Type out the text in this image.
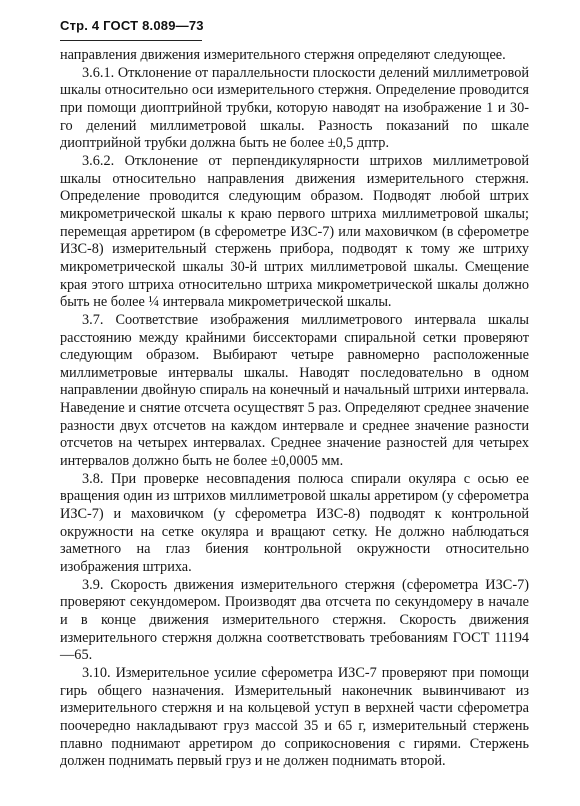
Стр. 4 ГОСТ 8.089—73

направления движения измерительного стержня определяют следующее.

3.6.1. Отклонение от параллельности плоскости делений миллиметровой шкалы относительно оси измерительного стержня. Определение проводится при помощи диоптрийной трубки, которую наводят на изображение 1 и 30-го делений миллиметровой шкалы. Разность показаний по шкале диоптрийной трубки должна быть не более ±0,5 дптр.

3.6.2. Отклонение от перпендикулярности штрихов миллиметровой шкалы относительно направления движения измерительного стержня. Определение проводится следующим образом. Подводят любой штрих микрометрической шкалы к краю первого штриха миллиметровой шкалы; перемещая арретиром (в сферометре ИЗС-7) или маховичком (в сферометре ИЗС-8) измерительный стержень прибора, подводят к тому же штриху микрометрической шкалы 30-й штрих миллиметровой шкалы. Смещение края этого штриха относительно штриха микрометрической шкалы должно быть не более ¼ интервала микрометрической шкалы.

3.7. Соответствие изображения миллиметрового интервала шкалы расстоянию между крайними биссекторами спиральной сетки проверяют следующим образом. Выбирают четыре равномерно расположенные миллиметровые интервалы шкалы. Наводят последовательно в одном направлении двойную спираль на конечный и начальный штрихи интервала. Наведение и снятие отсчета осуществят 5 раз. Определяют среднее значение разности двух отсчетов на каждом интервале и среднее значение разности отсчетов на четырех интервалах. Среднее значение разностей для четырех интервалов должно быть не более ±0,0005 мм.

3.8. При проверке несовпадения полюса спирали окуляра с осью ее вращения один из штрихов миллиметровой шкалы арретиром (у сферометра ИЗС-7) и маховичком (у сферометра ИЗС-8) подводят к контрольной окружности на сетке окуляра и вращают сетку. Не должно наблюдаться заметного на глаз биения контрольной окружности относительно изображения штриха.

3.9. Скорость движения измерительного стержня (сферометра ИЗС-7) проверяют секундомером. Производят два отсчета по секундомеру в начале и в конце движения измерительного стержня. Скорость движения измерительного стержня должна соответствовать требованиям ГОСТ 11194—65.

3.10. Измерительное усилие сферометра ИЗС-7 проверяют при помощи гирь общего назначения. Измерительный наконечник вывинчивают из измерительного стержня и на кольцевой уступ в верхней части сферометра поочередно накладывают груз массой 35 и 65 г, измерительный стержень плавно поднимают арретиром до соприкосновения с гирями. Стержень должен поднимать первый груз и не должен поднимать второй.
